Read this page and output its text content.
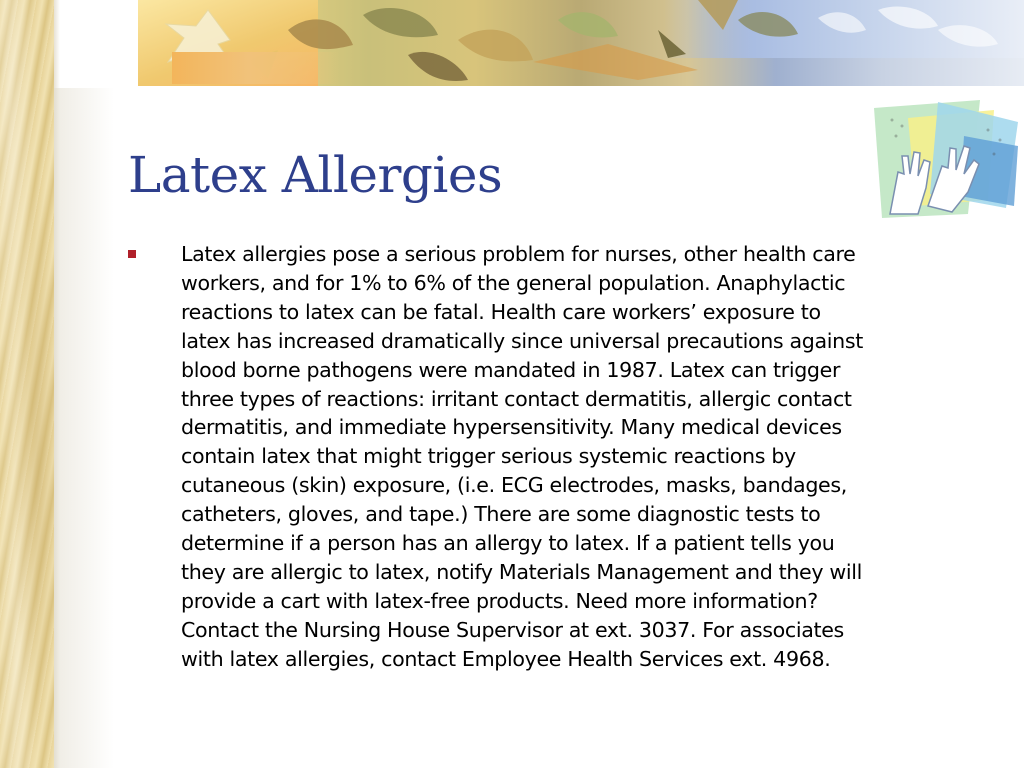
Latex Allergies

Latex allergies pose a serious problem for nurses, other health care
workers, and for 1% to 6% of the general population. Anaphylactic
reactions to latex can be fatal. Health care workers’ exposure to
latex has increased dramatically since universal precautions against
blood borne pathogens were mandated in 1987. Latex can trigger
three types of reactions: irritant contact dermatitis, allergic contact
dermatitis, and immediate hypersensitivity. Many medical devices
contain latex that might trigger serious systemic reactions by
cutaneous (skin) exposure, (i.e. ECG electrodes, masks, bandages,
catheters, gloves, and tape.) There are some diagnostic tests to
determine if a person has an allergy to latex. If a patient tells you
they are allergic to latex, notify Materials Management and they will
provide a cart with latex-free products. Need more information?
Contact the Nursing House Supervisor at ext. 3037. For associates
with latex allergies, contact Employee Health Services ext. 4968.
